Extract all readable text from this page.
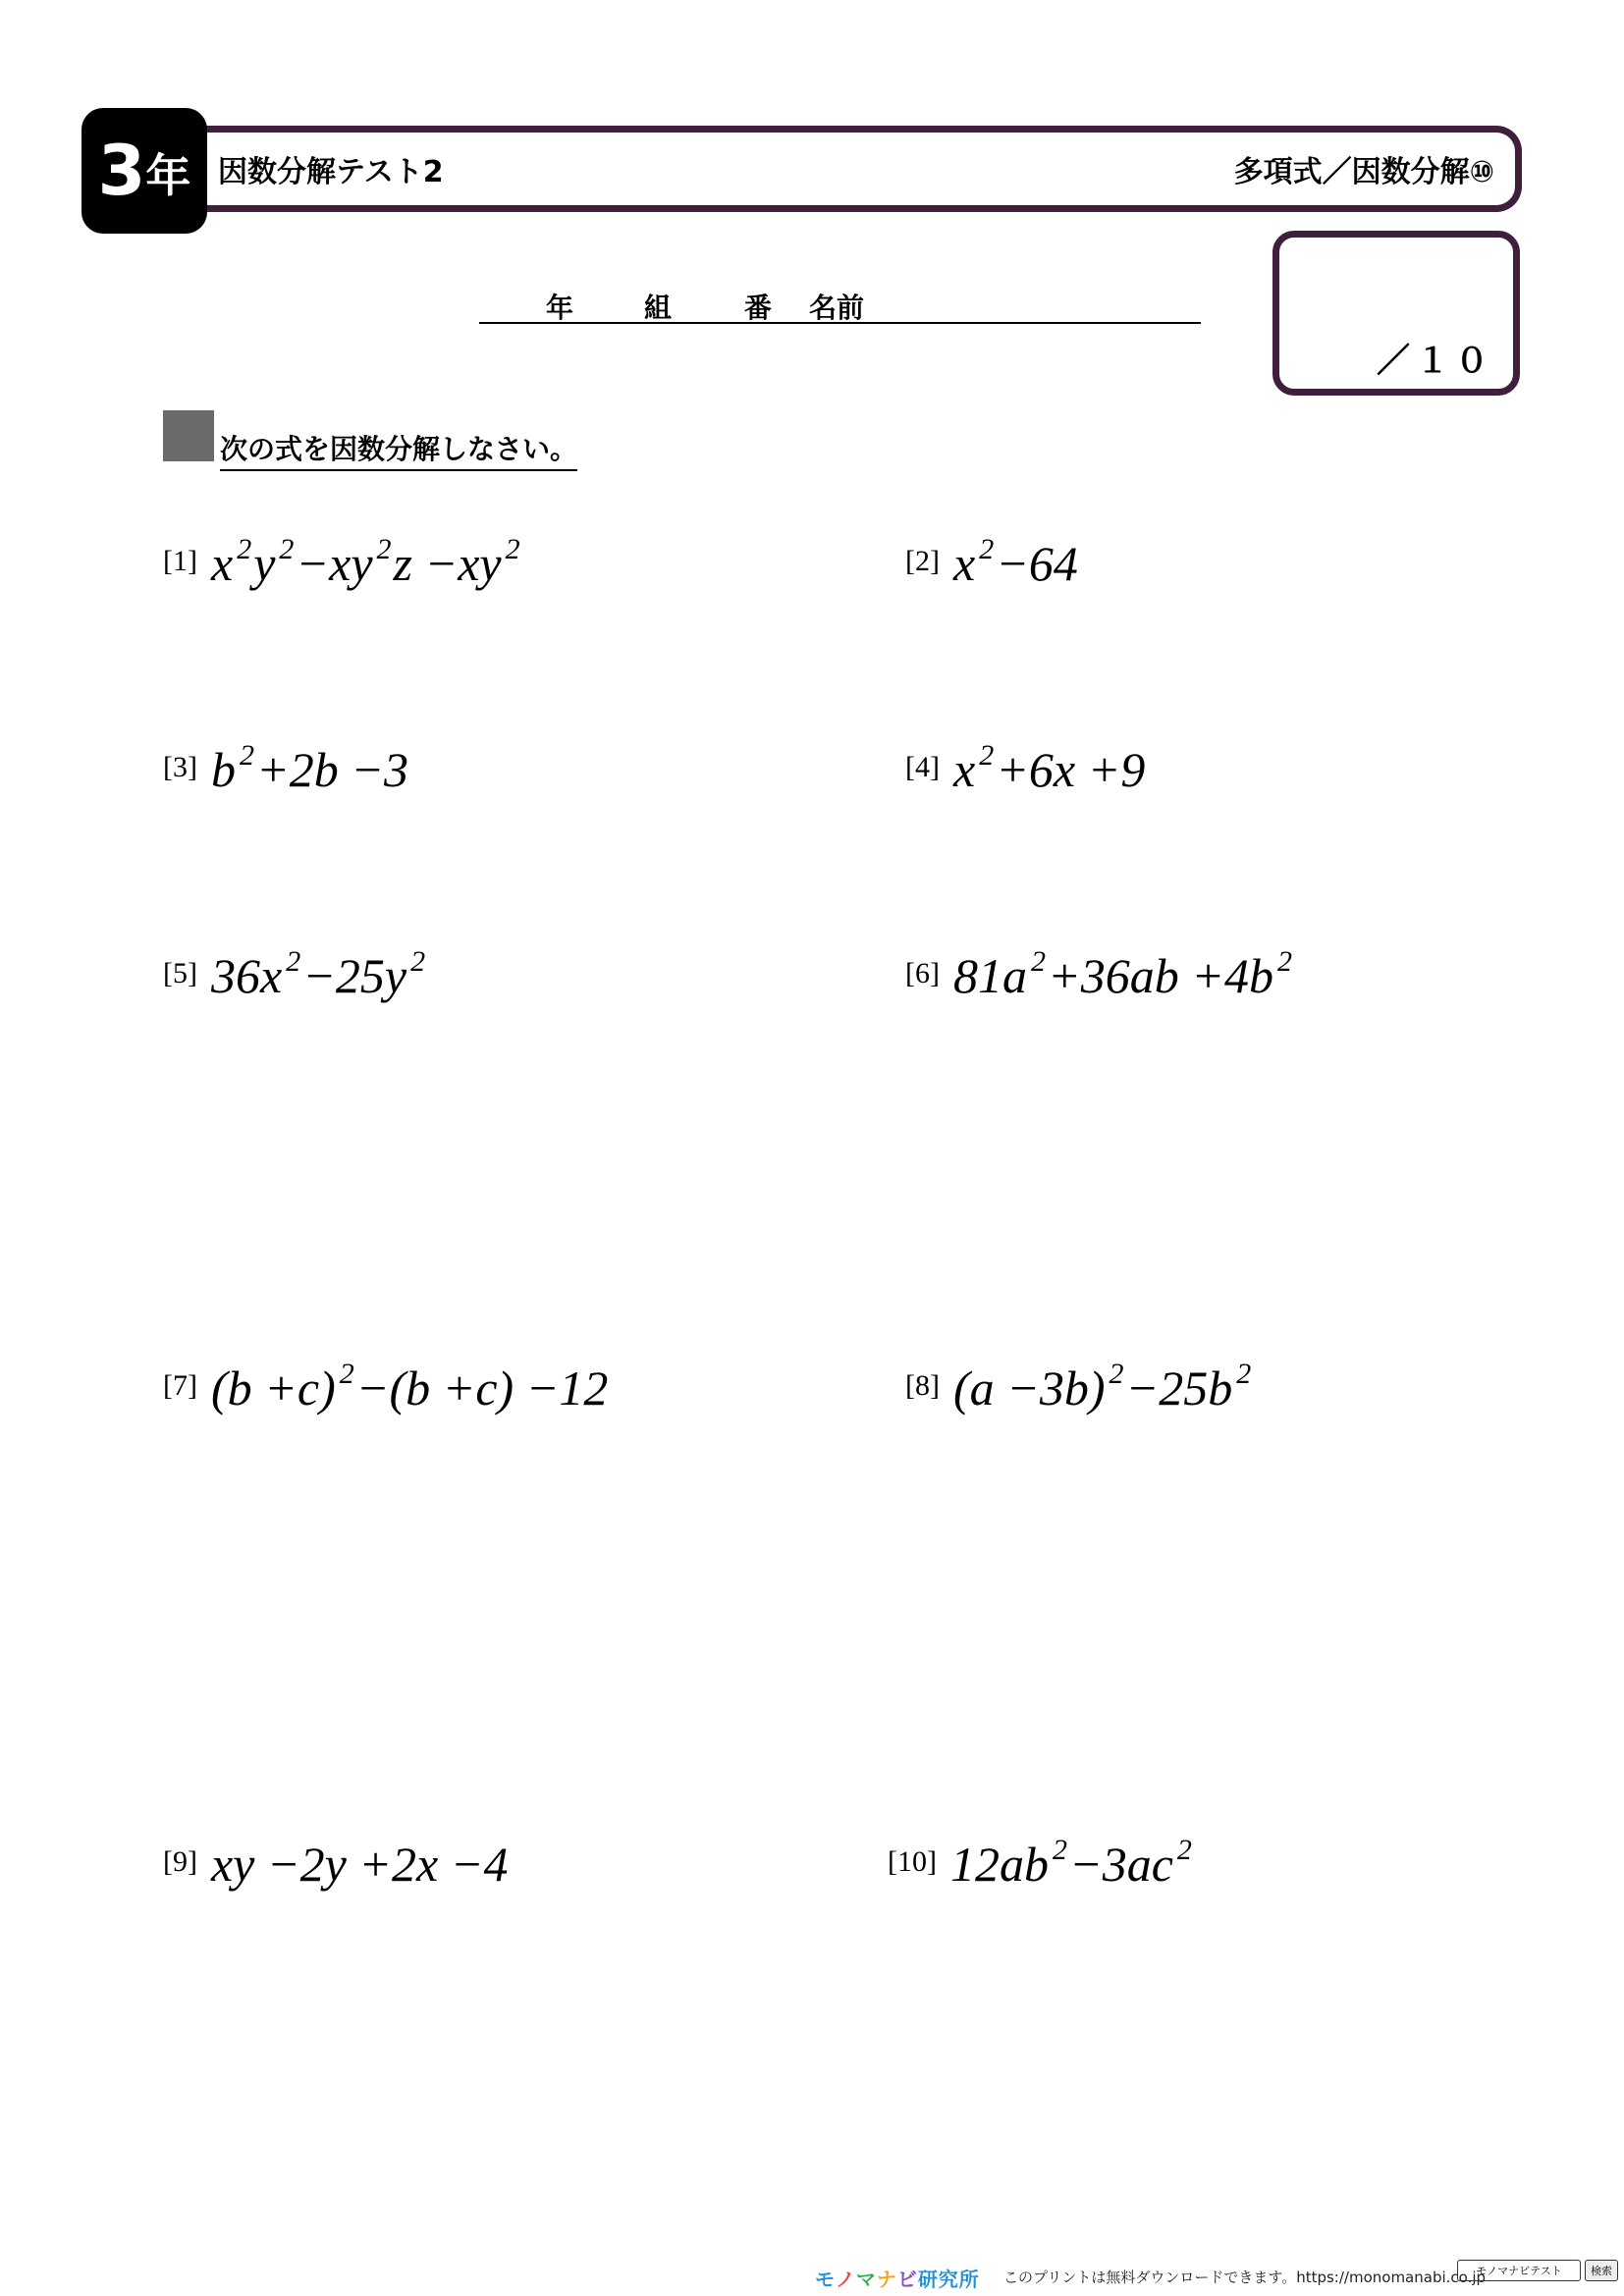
3 年 因数分解テスト2	多項式／因数分解⑩
／１０
年	組	番 名前
次の式を因数分解しなさい。
[1] x $^2$y $^2$−xy $^2$z −xy $^2$	[2] x $^2$−64
[3] b $^2$+2b −3	[4] x $^2$+6x +9
[5] 36x $^2$−25y $^2$	[6] 81a $^2$+36ab +4b $^2$
[7] (b +c) $^2$−(b +c) −12	[8] (a −3b) $^2$−25b $^2$
[9] xy −2y +2x −4	[10] 12ab $^2$−3ac $^2$
モノマナビ研究所 このプリントは無料ダウンロードできます。https://monomanabi.co.jp
モノマナビテスト	検索
